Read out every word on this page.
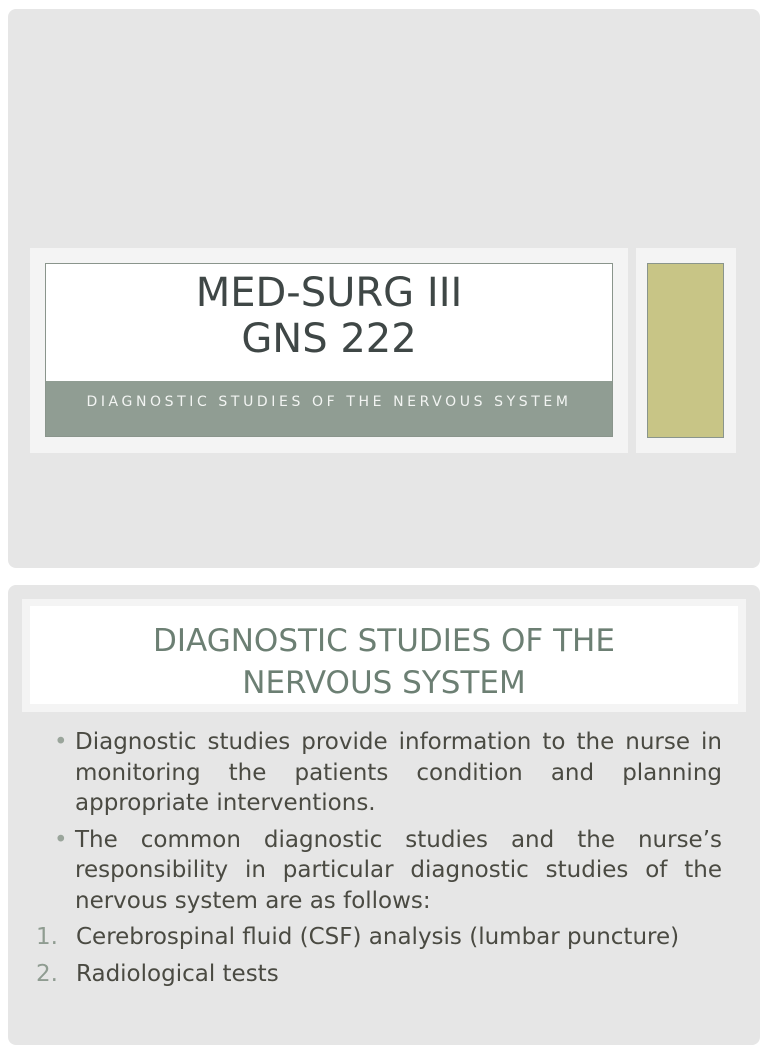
MED-SURG III
GNS 222
DIAGNOSTIC STUDIES OF THE NERVOUS SYSTEM
DIAGNOSTIC STUDIES OF THE
NERVOUS SYSTEM
• Diagnostic studies provide information to the nurse in monitoring the patients condition and planning appropriate interventions.
• The common diagnostic studies and the nurse’s responsibility in particular diagnostic studies of the nervous system are as follows:
1. Cerebrospinal fluid (CSF) analysis (lumbar puncture)
2. Radiological tests
